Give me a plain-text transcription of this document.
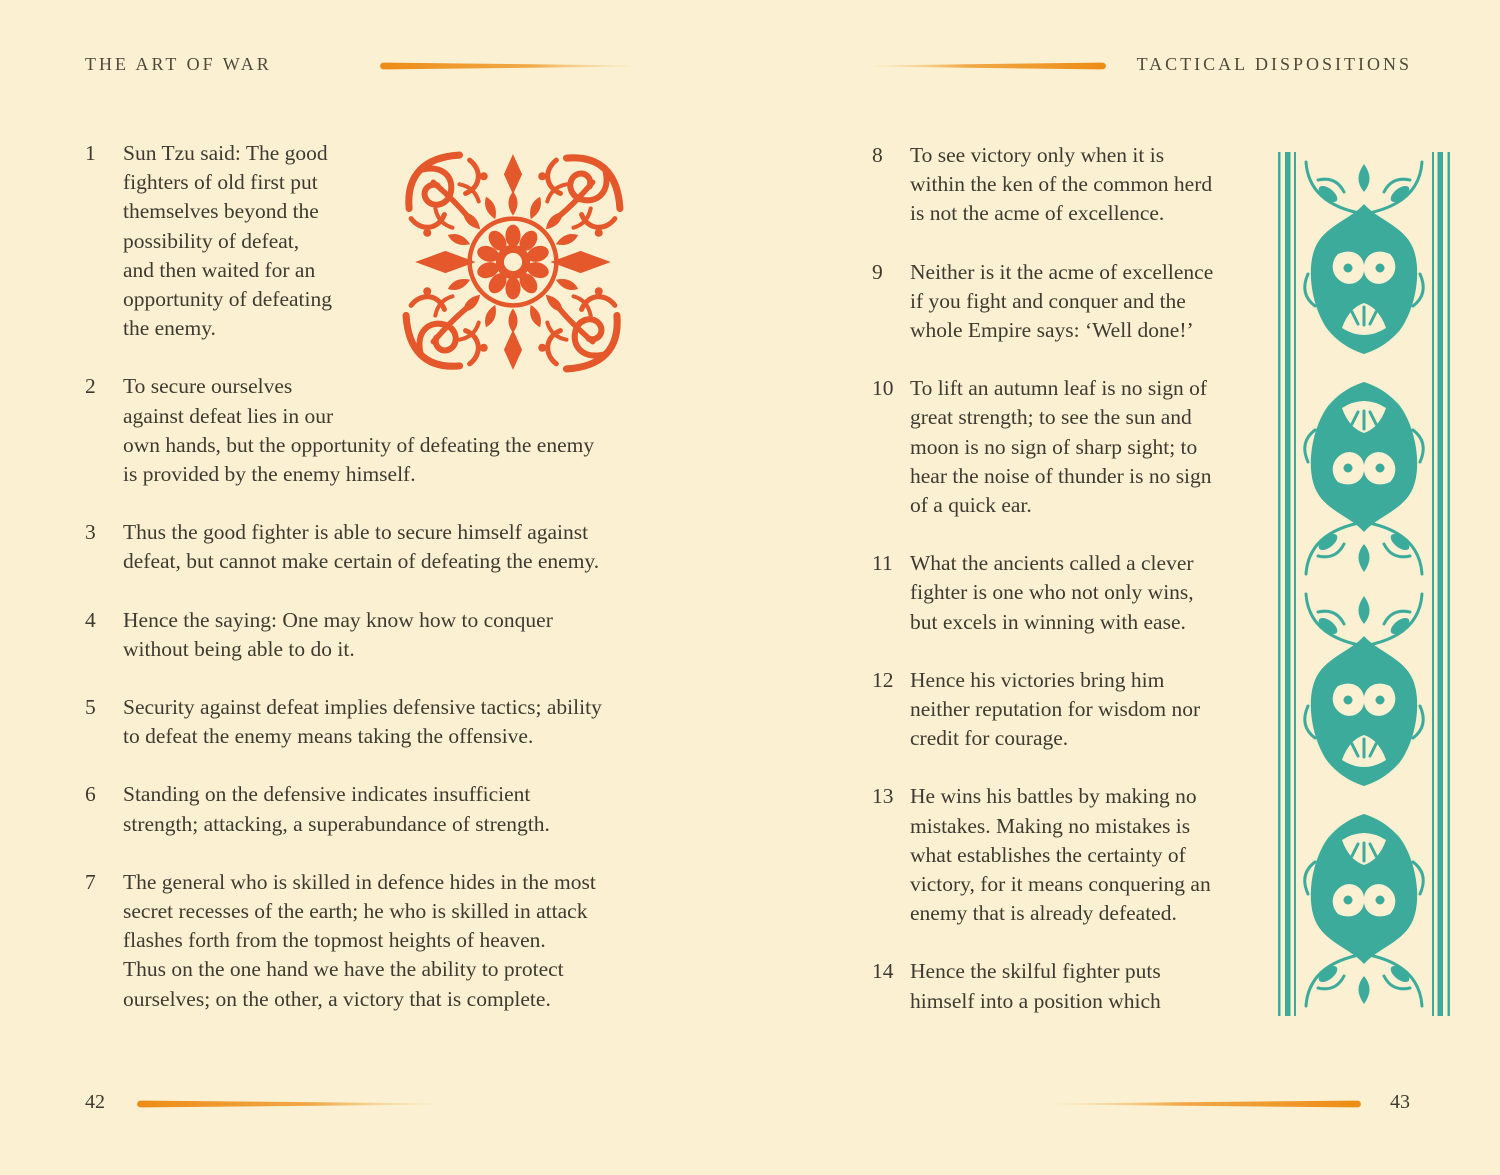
THE ART OF WAR	TACTICAL DISPOSITIONS
1	Sun Tzu said: The good
fighters of old first put
themselves beyond the
possibility of defeat,
and then waited for an
opportunity of defeating
the enemy.
2	To secure ourselves
against defeat lies in our
own hands, but the opportunity of defeating the enemy
is provided by the enemy himself.
3	Thus the good fighter is able to secure himself against
defeat, but cannot make certain of defeating the enemy.
4	Hence the saying: One may know how to conquer
without being able to do it.
5	Security against defeat implies defensive tactics; ability
to defeat the enemy means taking the offensive.
6	Standing on the defensive indicates insufficient
strength; attacking, a superabundance of strength.
7	The general who is skilled in defence hides in the most
secret recesses of the earth; he who is skilled in attack
flashes forth from the topmost heights of heaven.
Thus on the one hand we have the ability to protect
ourselves; on the other, a victory that is complete.
8	To see victory only when it is
within the ken of the common herd
is not the acme of excellence.
9	Neither is it the acme of excellence
if you fight and conquer and the
whole Empire says: ‘Well done!’
10 To lift an autumn leaf is no sign of
great strength; to see the sun and
moon is no sign of sharp sight; to
hear the noise of thunder is no sign
of a quick ear.
11 What the ancients called a clever
fighter is one who not only wins,
but excels in winning with ease.
12 Hence his victories bring him
neither reputation for wisdom nor
credit for courage.
13 He wins his battles by making no
mistakes. Making no mistakes is
what establishes the certainty of
victory, for it means conquering an
enemy that is already defeated.
14 Hence the skilful fighter puts
himself into a position which
42	43
